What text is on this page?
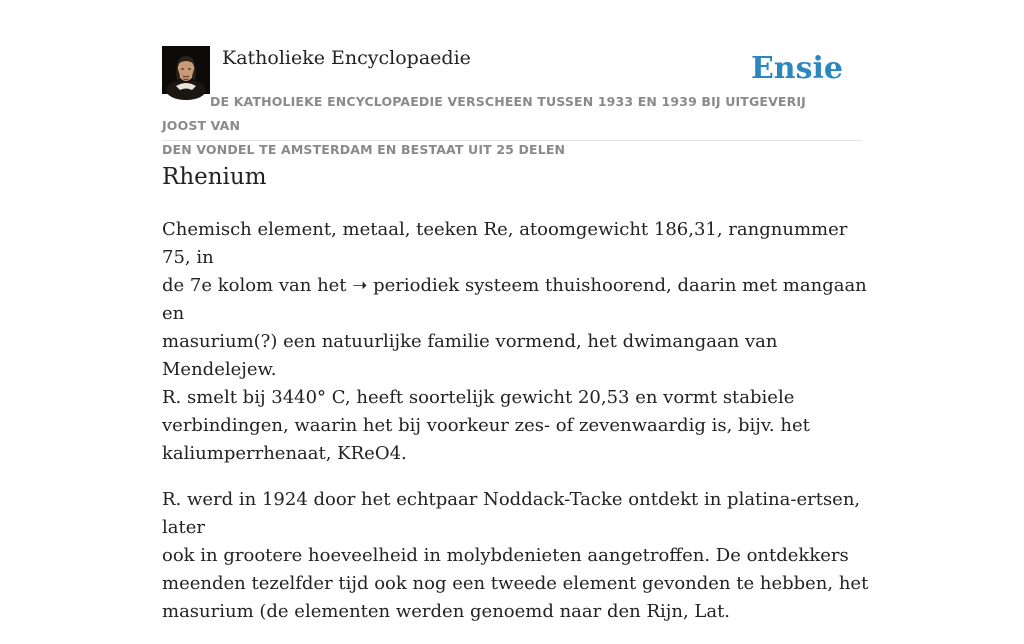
Katholieke Encyclopaedie	Ensie
DE KATHOLIEKE ENCYCLOPAEDIE VERSCHEEN TUSSEN 1933 EN 1939 BIJ UITGEVERIJ JOOST VAN
DEN VONDEL TE AMSTERDAM EN BESTAAT UIT 25 DELEN
Rhenium

Chemisch element, metaal, teeken Re, atoomgewicht 186,31, rangnummer 75, in
de 7e kolom van het ➝ periodiek systeem thuishoorend, daarin met mangaan en
masurium(?) een natuurlijke familie vormend, het dwimangaan van Mendelejew.
R. smelt bij 3440° C, heeft soortelijk gewicht 20,53 en vormt stabiele
verbindingen, waarin het bij voorkeur zes- of zevenwaardig is, bijv. het
kaliumperrhenaat, KReO4.

R. werd in 1924 door het echtpaar Noddack-Tacke ontdekt in platina-ertsen, later
ook in grootere hoeveelheid in molybdenieten aangetroffen. De ontdekkers
meenden tezelfder tijd ook nog een tweede element gevonden te hebben, het
masurium (de elementen werden genoemd naar den Rijn, Lat.
